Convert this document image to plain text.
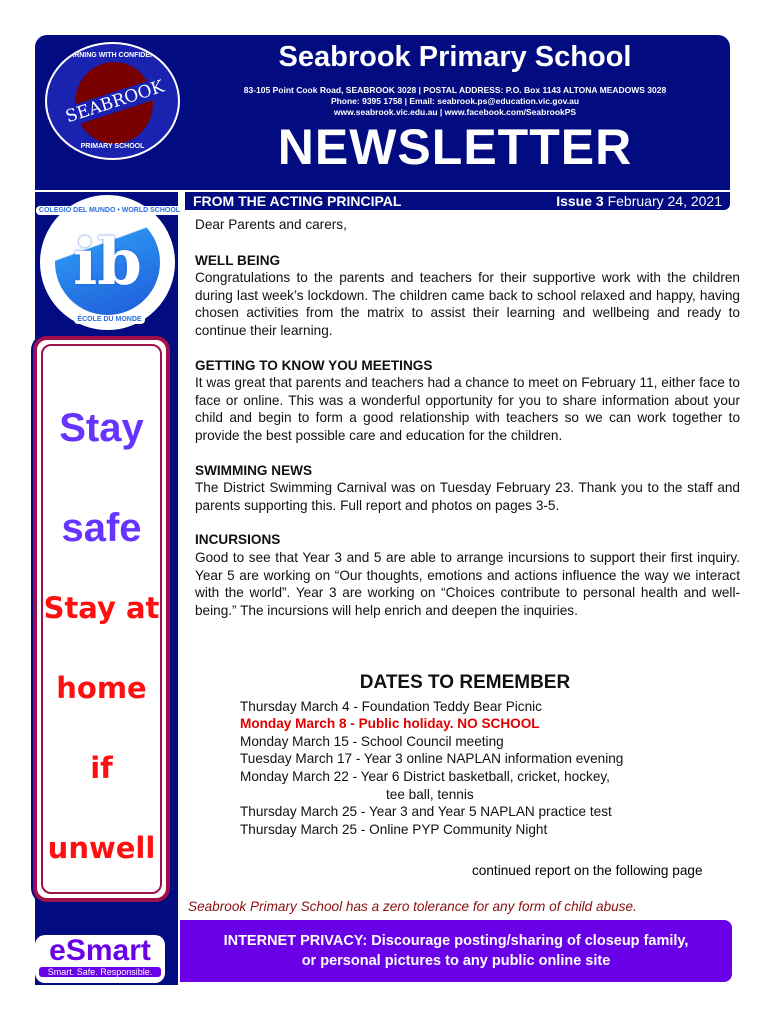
LEARNING WITH CONFIDENCE
SEABROOK
PRIMARY SCHOOL
COLEGIO DEL MUNDO • WORLD SCHOOL
ib
ÉCOLE DU MONDE
Seabrook Primary School
83-105 Point Cook Road, SEABROOK 3028 | POSTAL ADDRESS: P.O. Box 1143 ALTONA MEADOWS 3028
Phone: 9395 1758 | Email: seabrook.ps@education.vic.gov.au
www.seabrook.vic.edu.au | www.facebook.com/SeabrookPS
NEWSLETTER
FROM THE ACTING PRINCIPAL	Issue 3 February 24, 2021

Dear Parents and carers,

WELL BEING

Congratulations to the parents and teachers for their supportive work with the children during last week’s lockdown. The children came back to school relaxed and happy, having chosen activities from the matrix to assist their learning and wellbeing and ready to continue their learning.

GETTING TO KNOW YOU MEETINGS

It was great that parents and teachers had a chance to meet on February 11, either face to face or online. This was a wonderful opportunity for you to share information about your child and begin to form a good relationship with teachers so we can work together to provide the best possible care and education for the children.

SWIMMING NEWS

The District Swimming Carnival was on Tuesday February 23. Thank you to the staff and parents supporting this. Full report and photos on pages 3-5.

INCURSIONS

Good to see that Year 3 and 5 are able to arrange incursions to support their first inquiry. Year 5 are working on “Our thoughts, emotions and actions influence the way we interact with the world”. Year 3 are working on “Choices contribute to personal health and well-being.” The incursions will help enrich and deepen the inquiries.

Stay
safe
Stay at
home
if
unwell
DATES TO REMEMBER
Thursday March 4 - Foundation Teddy Bear Picnic
Monday March 8 - Public holiday. NO SCHOOL
Monday March 15 - School Council meeting
Tuesday March 17 - Year 3 online NAPLAN information evening
Monday March 22 - Year 6 District basketball, cricket, hockey,
tee ball, tennis
Thursday March 25 - Year 3 and Year 5 NAPLAN practice test
Thursday March 25 - Online PYP Community Night
continued report on the following page
Seabrook Primary School has a zero tolerance for any form of child abuse.
INTERNET PRIVACY: Discourage posting/sharing of closeup family,
or personal pictures to any public online site
eSmart
Smart. Safe. Responsible.
